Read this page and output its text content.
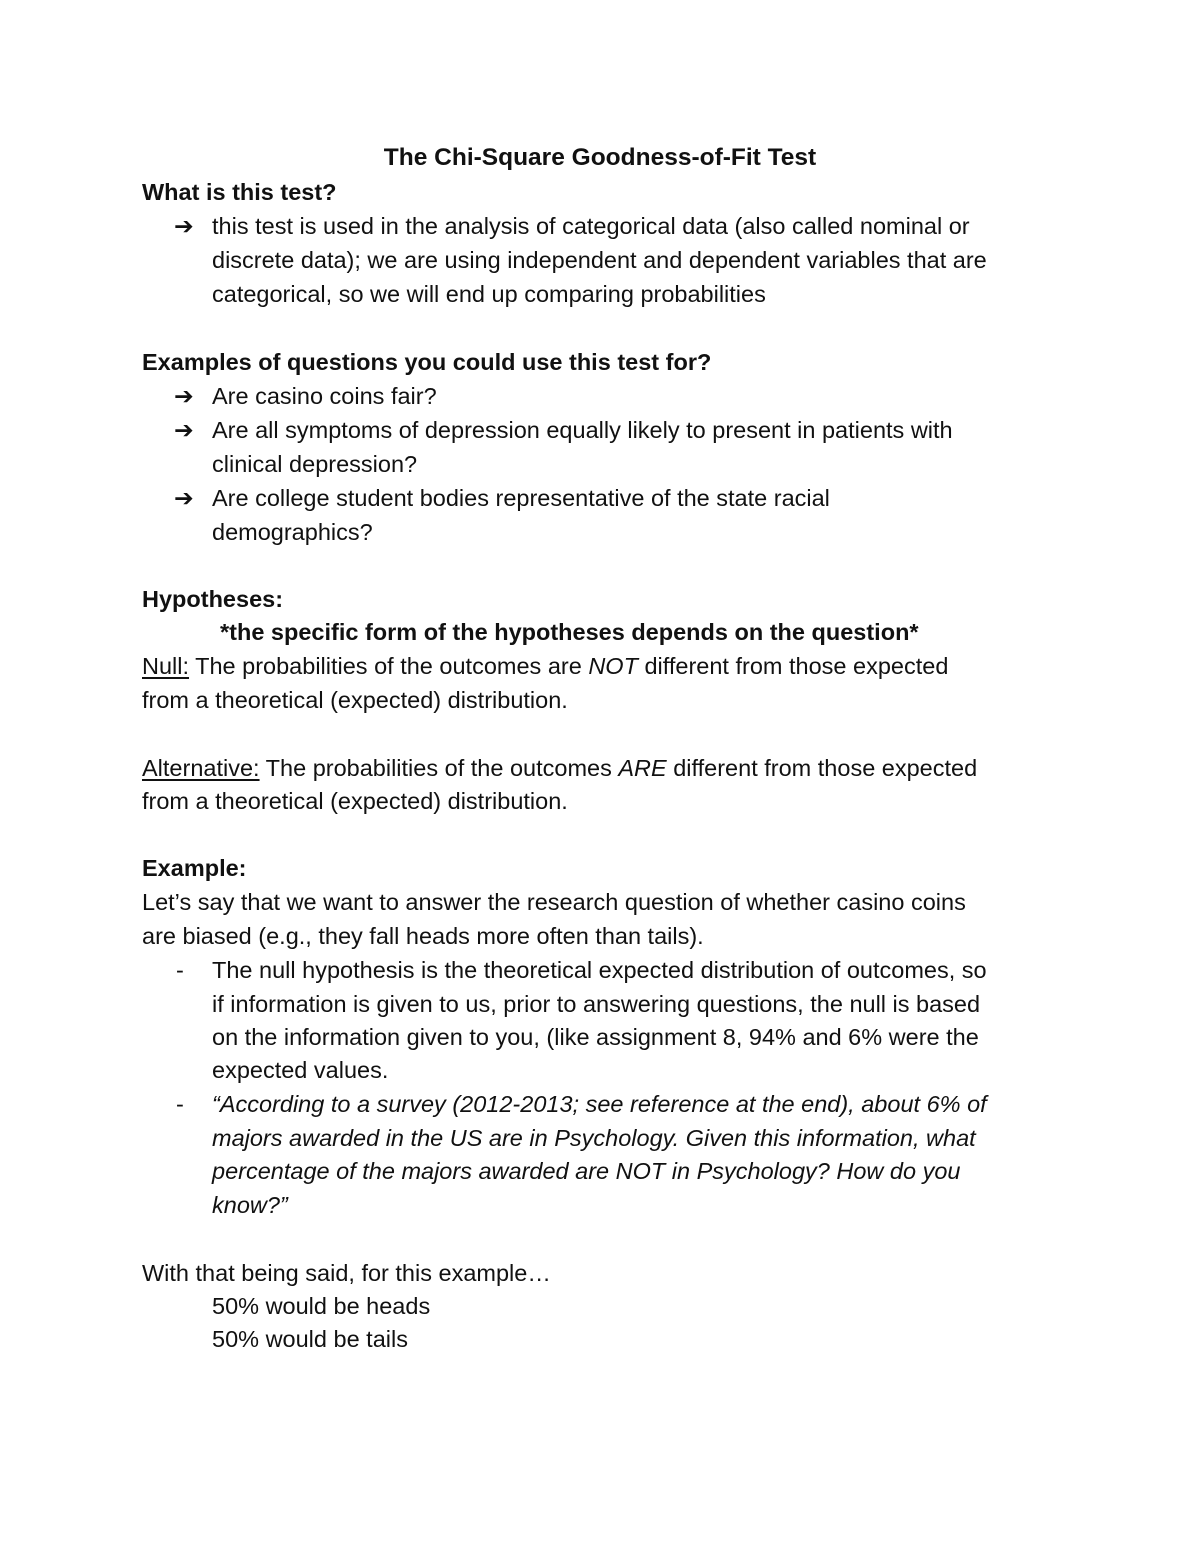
The Chi-Square Goodness-of-Fit Test
What is this test?
➔ this test is used in the analysis of categorical data (also called nominal or
discrete data); we are using independent and dependent variables that are
categorical, so we will end up comparing probabilities
Examples of questions you could use this test for?
➔ Are casino coins fair?
➔ Are all symptoms of depression equally likely to present in patients with
clinical depression?
➔ Are college student bodies representative of the state racial
demographics?
Hypotheses:
*the specific form of the hypotheses depends on the question*
Null: The probabilities of the outcomes are NOT different from those expected
from a theoretical (expected) distribution.
Alternative: The probabilities of the outcomes ARE different from those expected
from a theoretical (expected) distribution.
Example:
Let’s say that we want to answer the research question of whether casino coins
are biased (e.g., they fall heads more often than tails).
- The null hypothesis is the theoretical expected distribution of outcomes, so
if information is given to us, prior to answering questions, the null is based
on the information given to you, (like assignment 8, 94% and 6% were the
expected values.
- “According to a survey (2012-2013; see reference at the end), about 6% of
majors awarded in the US are in Psychology. Given this information, what
percentage of the majors awarded are NOT in Psychology? How do you
know?”
With that being said, for this example…
50% would be heads
50% would be tails
